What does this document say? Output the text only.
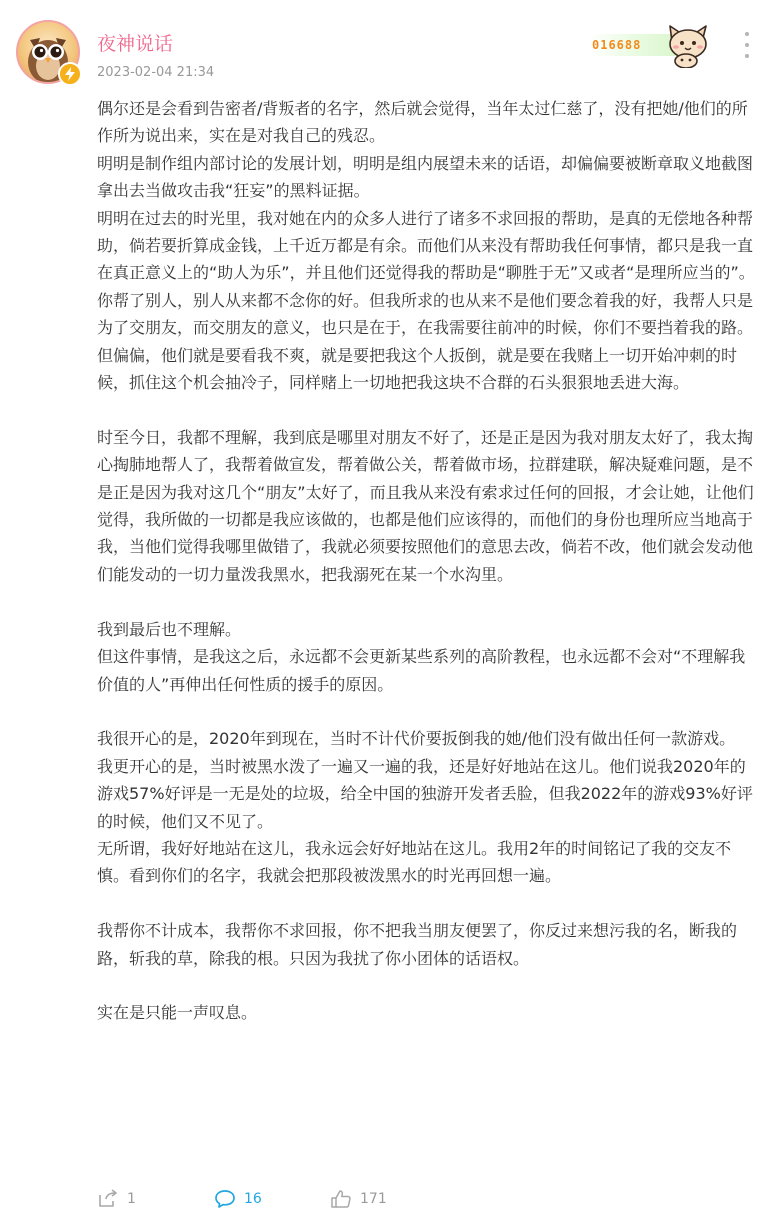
夜神说话
2023-02-04 21:34
016688

偶尔还是会看到告密者/背叛者的名字，然后就会觉得，当年太过仁慈了，没有把她/他们的所作所为说出来，实在是对我自己的残忍。

明明是制作组内部讨论的发展计划，明明是组内展望未来的话语，却偏偏要被断章取义地截图拿出去当做攻击我“狂妄”的黑料证据。

明明在过去的时光里，我对她在内的众多人进行了诸多不求回报的帮助，是真的无偿地各种帮助，倘若要折算成金钱，上千近万都是有余。而他们从来没有帮助我任何事情，都只是我一直在真正意义上的“助人为乐”，并且他们还觉得我的帮助是“聊胜于无”又或者“是理所应当的”。

你帮了别人，别人从来都不念你的好。但我所求的也从来不是他们要念着我的好，我帮人只是为了交朋友，而交朋友的意义，也只是在于，在我需要往前冲的时候，你们不要挡着我的路。

但偏偏，他们就是要看我不爽，就是要把我这个人扳倒，就是要在我赌上一切开始冲刺的时候，抓住这个机会抽冷子，同样赌上一切地把我这块不合群的石头狠狠地丢进大海。

时至今日，我都不理解，我到底是哪里对朋友不好了，还是正是因为我对朋友太好了，我太掏心掏肺地帮人了，我帮着做宣发，帮着做公关，帮着做市场，拉群建联，解决疑难问题，是不是正是因为我对这几个“朋友”太好了，而且我从来没有索求过任何的回报，才会让她，让他们觉得，我所做的一切都是我应该做的，也都是他们应该得的，而他们的身份也理所应当地高于我，当他们觉得我哪里做错了，我就必须要按照他们的意思去改，倘若不改，他们就会发动他们能发动的一切力量泼我黑水，把我溺死在某一个水沟里。

我到最后也不理解。

但这件事情，是我这之后，永远都不会更新某些系列的高阶教程，也永远都不会对“不理解我价值的人”再伸出任何性质的援手的原因。

我很开心的是，2020年到现在，当时不计代价要扳倒我的她/他们没有做出任何一款游戏。

我更开心的是，当时被黑水泼了一遍又一遍的我，还是好好地站在这儿。他们说我2020年的游戏57%好评是一无是处的垃圾，给全中国的独游开发者丢脸，但我2022年的游戏93%好评的时候，他们又不见了。

无所谓，我好好地站在这儿，我永远会好好地站在这儿。我用2年的时间铭记了我的交友不慎。看到你们的名字，我就会把那段被泼黑水的时光再回想一遍。

我帮你不计成本，我帮你不求回报，你不把我当朋友便罢了，你反过来想污我的名，断我的路，斩我的草，除我的根。只因为我扰了你小团体的话语权。

实在是只能一声叹息。

1	16	171
